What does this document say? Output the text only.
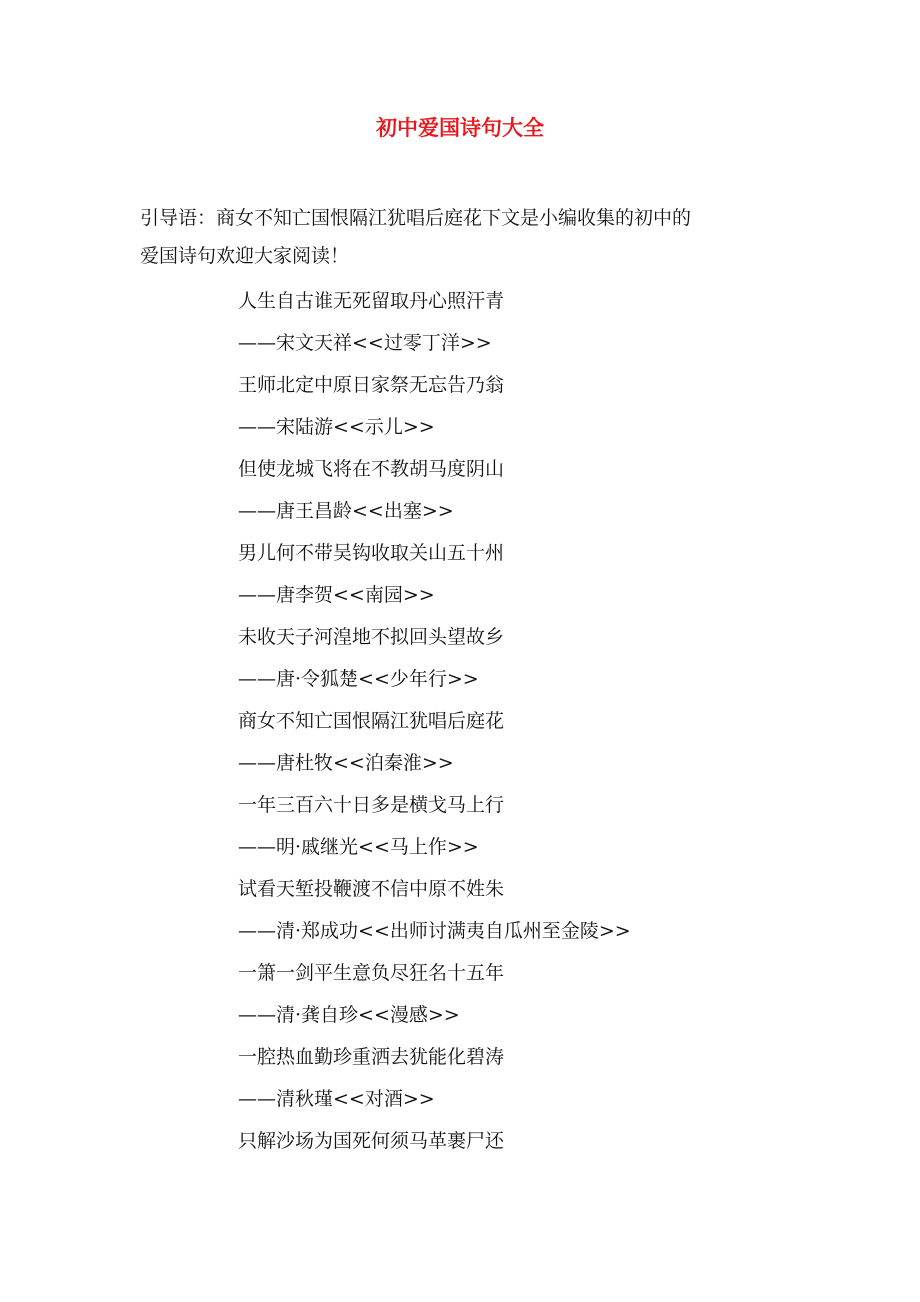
初中爱国诗句大全

引导语：商女不知亡国恨隔江犹唱后庭花下文是小编收集的初中的
爱国诗句欢迎大家阅读！

人生自古谁无死留取丹心照汗青
——宋文天祥<<过零丁洋>>
王师北定中原日家祭无忘告乃翁
——宋陆游<<示儿>>
但使龙城飞将在不教胡马度阴山
——唐王昌龄<<出塞>>
男儿何不带吴钩收取关山五十州
——唐李贺<<南园>>
未收天子河湟地不拟回头望故乡
——唐·令狐楚<<少年行>>
商女不知亡国恨隔江犹唱后庭花
——唐杜牧<<泊秦淮>>
一年三百六十日多是横戈马上行
——明·戚继光<<马上作>>
试看天堑投鞭渡不信中原不姓朱
——清·郑成功<<出师讨满夷自瓜州至金陵>>
一箫一剑平生意负尽狂名十五年
——清·龚自珍<<漫感>>
一腔热血勤珍重洒去犹能化碧涛
——清秋瑾<<对酒>>
只解沙场为国死何须马革裹尸还
